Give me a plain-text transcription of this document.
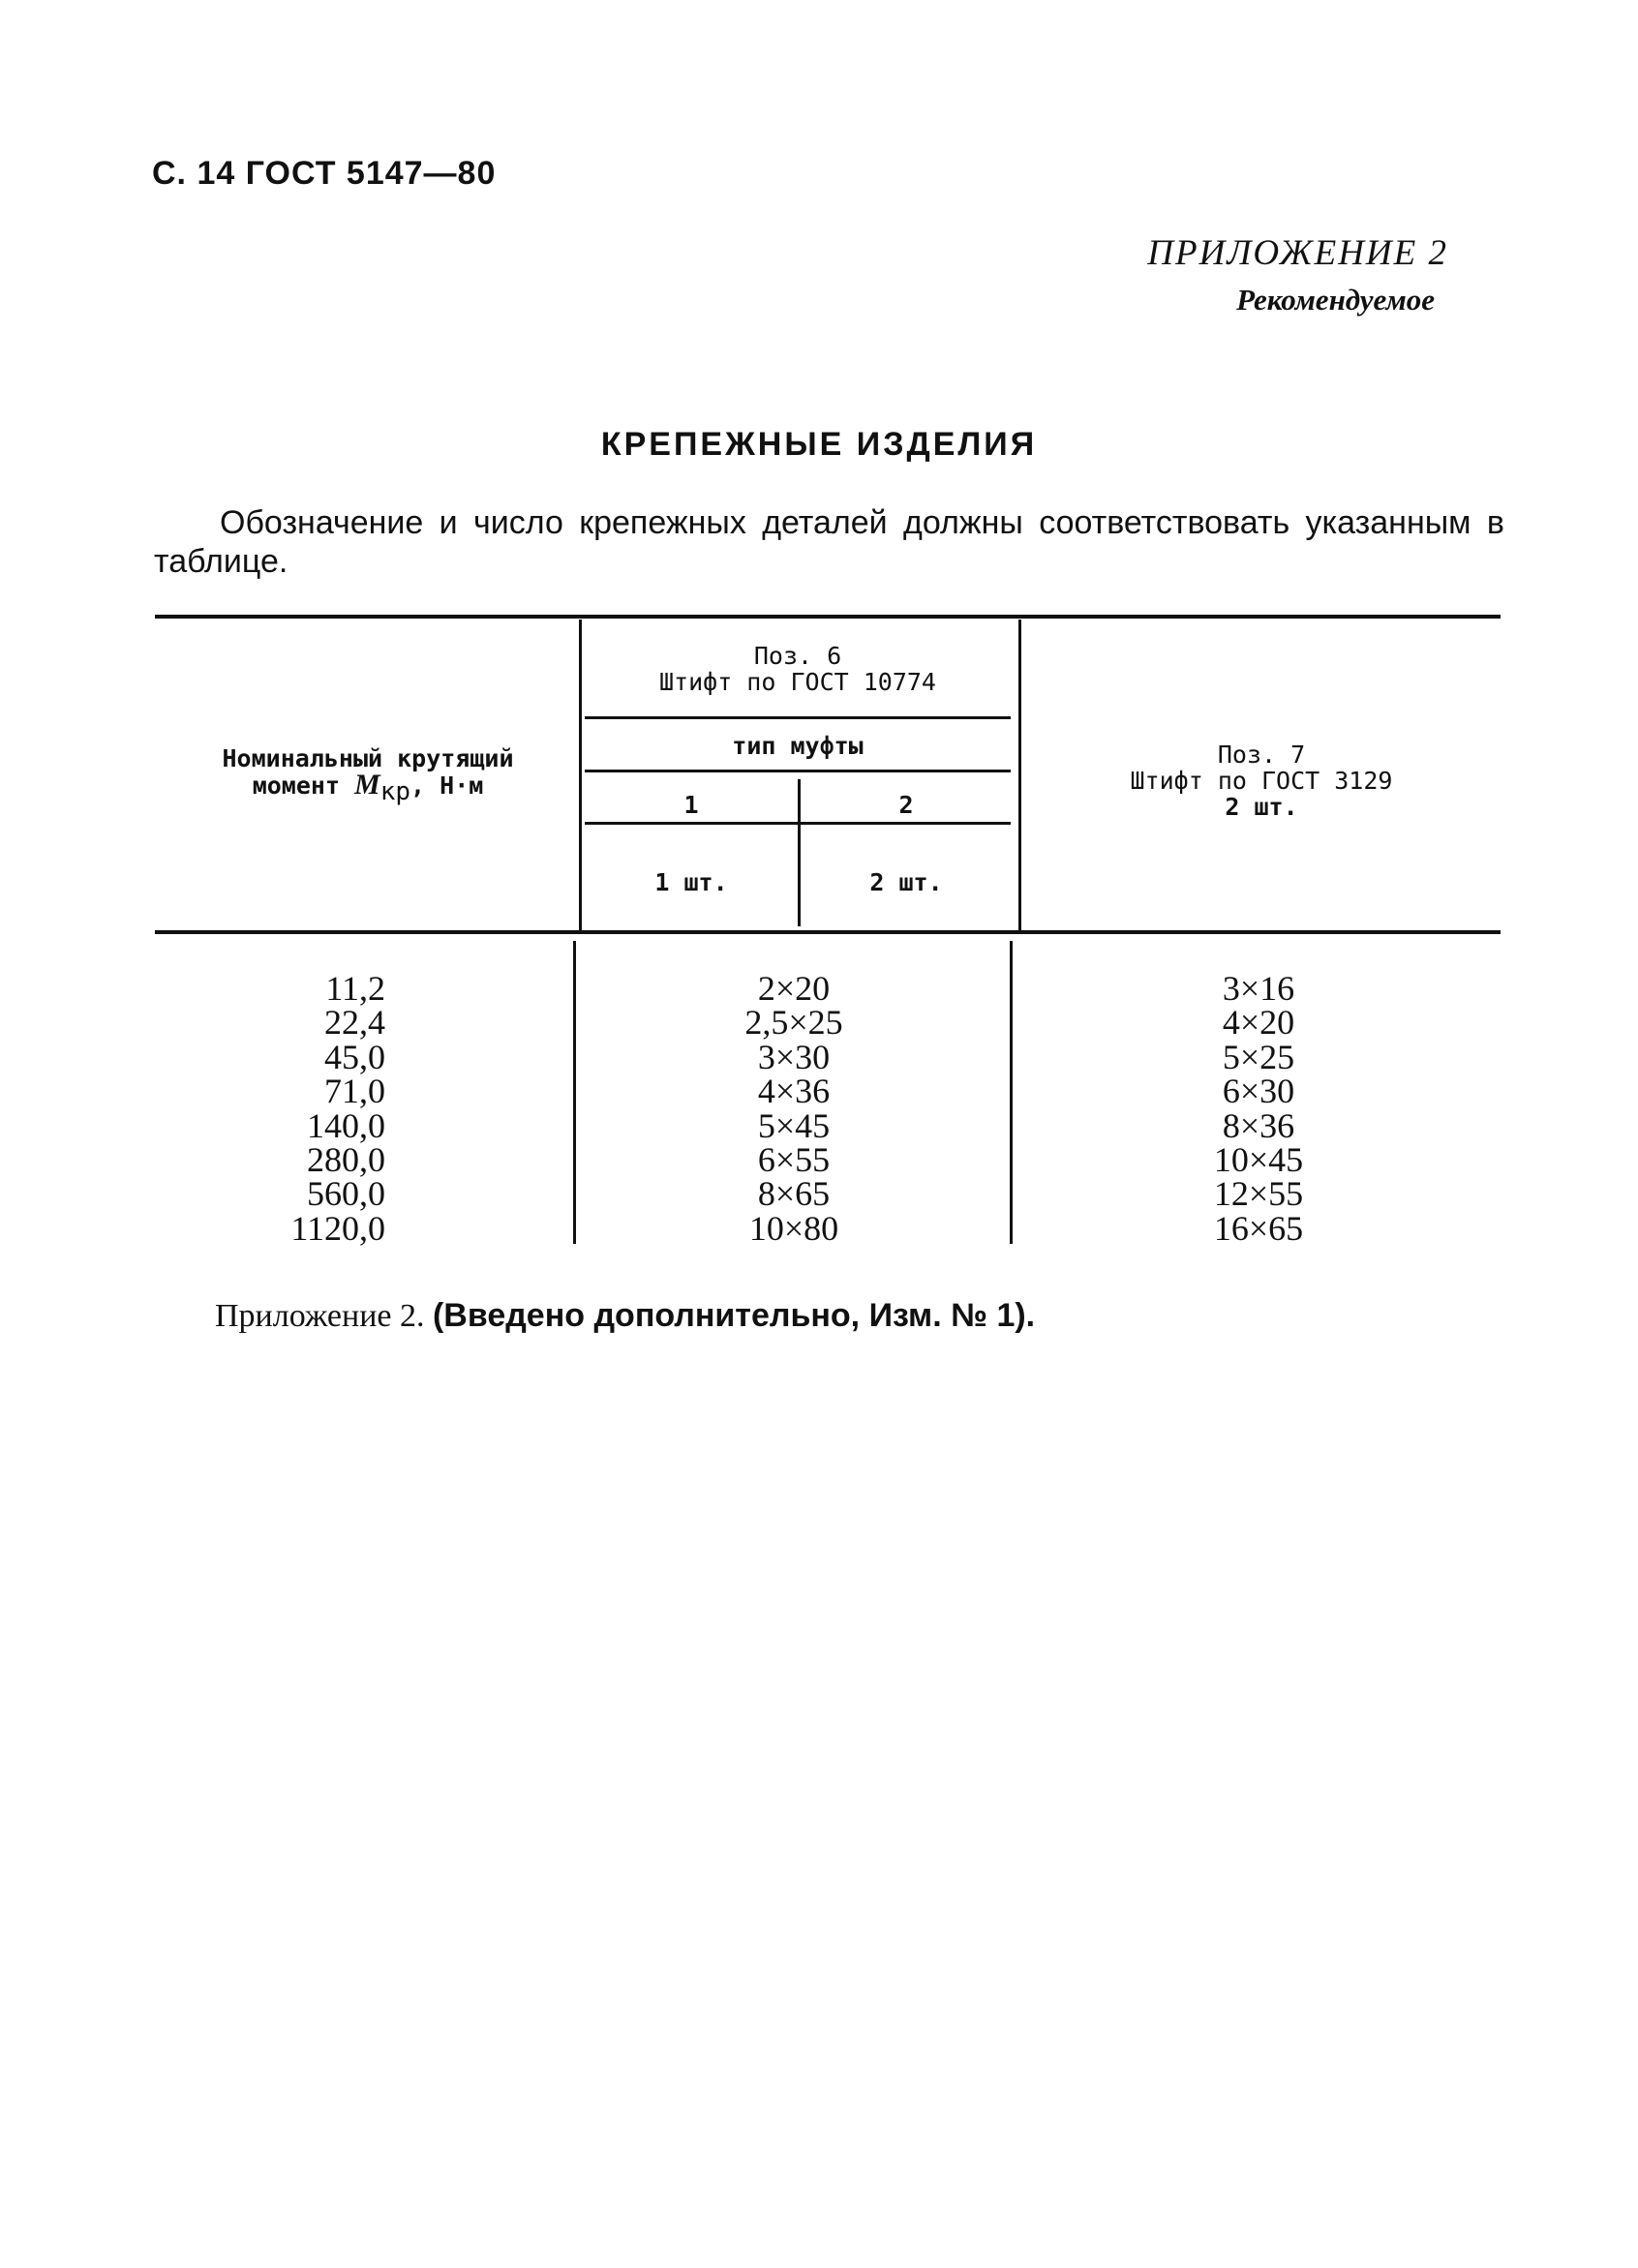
С. 14 ГОСТ 5147—80
ПРИЛОЖЕНИЕ 2
Рекомендуемое
КРЕПЕЖНЫЕ ИЗДЕЛИЯ
Обозначение и число крепежных деталей должны соответствовать указанным в таблице.
Номинальный крутящий
момент $M_{кр}$, Н·м
Поз. 6
Штифт по ГОСТ 10774
тип муфты
1	2
1 шт.	2 шт.
Поз. 7
Штифт по ГОСТ 3129
2 шт.
11,2
22,4
45,0
71,0
140,0
280,0
560,0
1120,0
2×20
2,5×25
3×30
4×36
5×45
6×55
8×65
10×80
3×16
4×20
5×25
6×30
8×36
10×45
12×55
16×65
Приложение 2. (Введено дополнительно, Изм. № 1).
